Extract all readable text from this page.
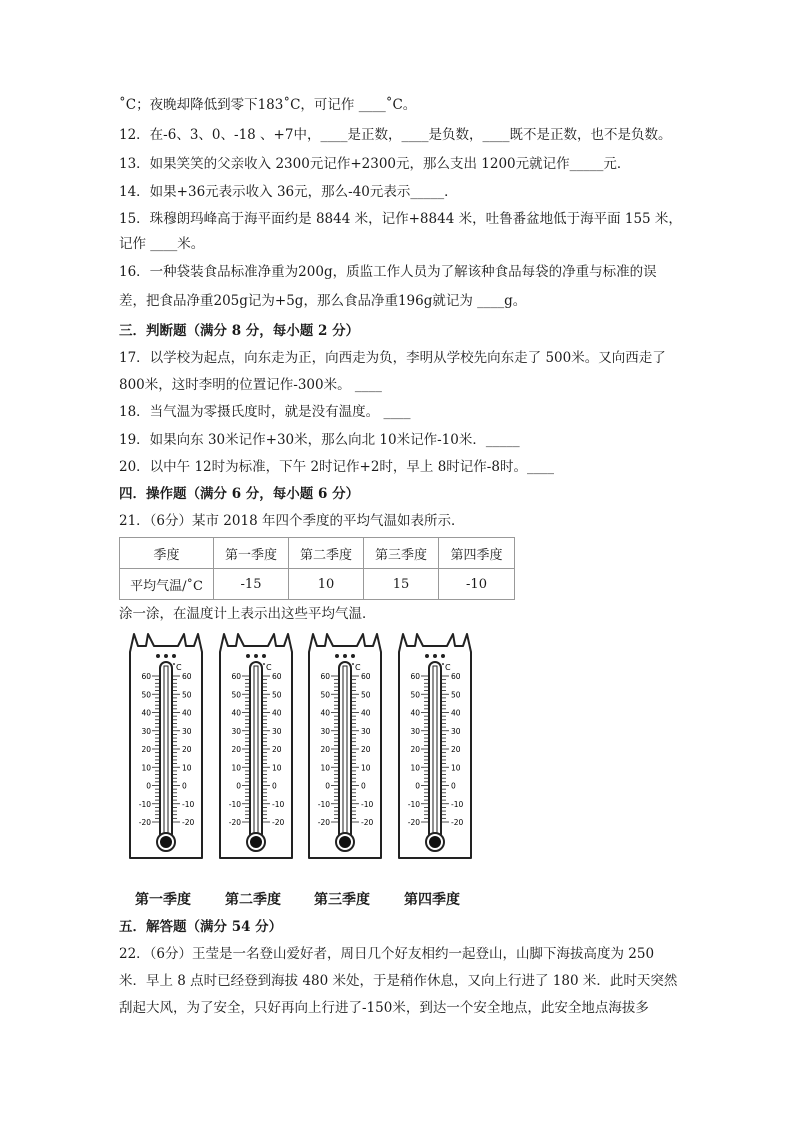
˚C；夜晚却降低到零下183˚C，可记作 ____˚C。
12．在-6、3、0、-18 、+7中，____是正数，____是负数，____既不是正数，也不是负数。
13．如果笑笑的父亲收入 2300元记作+2300元，那么支出 1200元就记作_____元．
14．如果+36元表示收入 36元，那么-40元表示_____．
15．珠穆朗玛峰高于海平面约是 8844 米，记作+8844 米，吐鲁番盆地低于海平面 155 米，
记作 ____米。
16．一种袋装食品标准净重为200g，质监工作人员为了解该种食品每袋的净重与标准的误
差，把食品净重205g记为+5g，那么食品净重196g就记为 ____g。
三．判断题（满分 8 分，每小题 2 分）
17．以学校为起点，向东走为正，向西走为负，李明从学校先向东走了 500米。又向西走了
800米，这时李明的位置记作-300米。 ____
18．当气温为零摄氏度时，就是没有温度。 ____
19．如果向东 30米记作+30米，那么向北 10米记作-10米．_____
20．以中午 12时为标准，下午 2时记作+2时，早上 8时记作-8时。____
四．操作题（满分 6 分，每小题 6 分）
21．（6分）某市 2018 年四个季度的平均气温如表所示．
季度	第一季度	第二季度	第三季度	第四季度
平均气温/˚C	-15	10	15	-10
涂一涂，在温度计上表示出这些平均气温．
˚C
60
50
40
30
20
10
0
-10
-20
60
50
40
30
20
10
0
-10
-20
˚C
60
50
40
30
20
10
0
-10
-20
60
50
40
30
20
10
0
-10
-20
˚C
60
50
40
30
20
10
0
-10
-20
60
50
40
30
20
10
0
-10
-20
˚C
60
50
40
30
20
10
0
-10
-20
60
50
40
30
20
10
0
-10
-20
第一季度	第二季度	第三季度	第四季度
五．解答题（满分 54 分）
22．（6分）王莹是一名登山爱好者，周日几个好友相约一起登山，山脚下海拔高度为 250
米．早上 8 点时已经登到海拔 480 米处，于是稍作休息，又向上行进了 180 米．此时天突然
刮起大风，为了安全，只好再向上行进了-150米，到达一个安全地点，此安全地点海拔多
